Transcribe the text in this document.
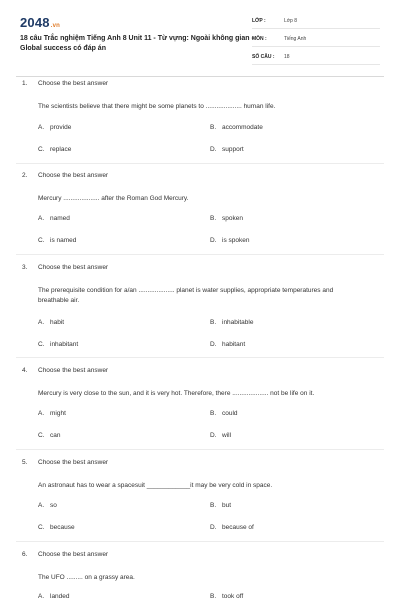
2048.vn
18 câu Trắc nghiệm Tiếng Anh 8 Unit 11 - Từ vựng: Ngoài không gian - Global success có đáp án
LỚP :	Lớp 8
MÔN :	Tiếng Anh
SỐ CÂU :	18
1. Choose the best answer
The scientists believe that there might be some planets to .................... human life.
A. provide	B. accommodate
C. replace	D. support
2. Choose the best answer
Mercury .................... after the Roman God Mercury.
A. named	B. spoken
C. is named	D. is spoken
3. Choose the best answer
The prerequisite condition for a/an .................... planet is water supplies, appropriate temperatures and breathable air.
A. habit	B. inhabitable
C. inhabitant	D. habitant
4. Choose the best answer
Mercury is very close to the sun, and it is very hot. Therefore, there .................... not be life on it.
A. might	B. could
C. can	D. will
5. Choose the best answer
An astronaut has to wear a spacesuit ____________it may be very cold in space.
A. so	B. but
C. because	D. because of
6. Choose the best answer
The UFO ......... on a grassy area.
A. landed	B. took off
